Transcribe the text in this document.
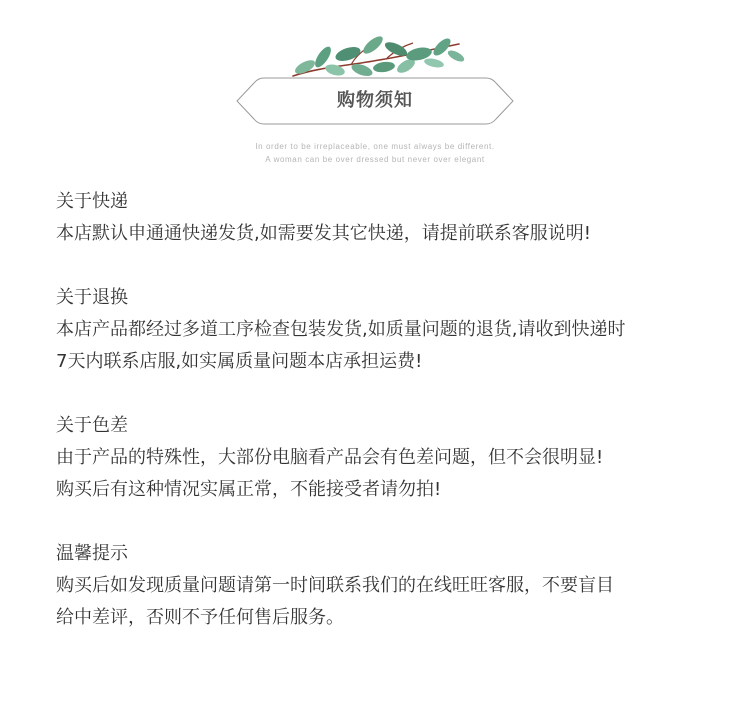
购物须知
In order to be irreplaceable, one must always be different.
A woman can be over dressed but never over elegant
关于快递
本店默认申通通快递发货,如需要发其它快递，请提前联系客服说明!
关于退换
本店产品都经过多道工序检查包装发货,如质量问题的退货,请收到快递时
7天内联系店服,如实属质量问题本店承担运费!
关于色差
由于产品的特殊性，大部份电脑看产品会有色差问题，但不会很明显!
购买后有这种情况实属正常，不能接受者请勿拍!
温馨提示
购买后如发现质量问题请第一时间联系我们的在线旺旺客服，不要盲目
给中差评，否则不予任何售后服务。
